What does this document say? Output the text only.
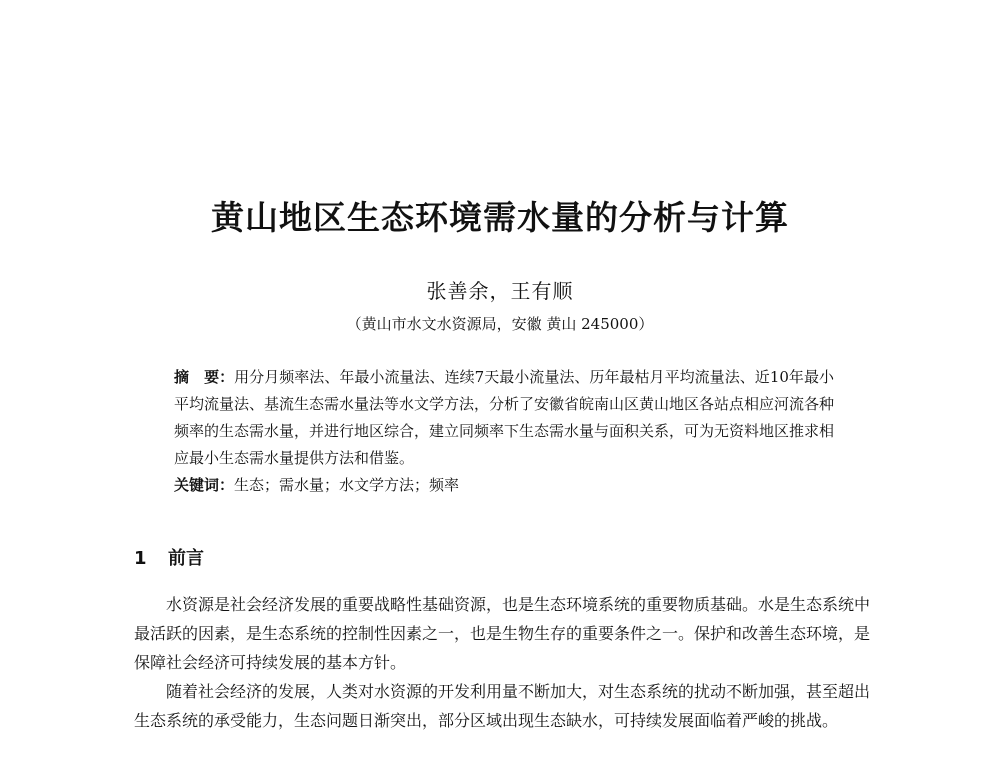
黄山地区生态环境需水量的分析与计算
张善余，王有顺
（黄山市水文水资源局，安徽 黄山 245000）
摘　要：用分月频率法、年最小流量法、连续7天最小流量法、历年最枯月平均流量法、近10年最小平均流量法、基流生态需水量法等水文学方法，分析了安徽省皖南山区黄山地区各站点相应河流各种频率的生态需水量，并进行地区综合，建立同频率下生态需水量与面积关系，可为无资料地区推求相应最小生态需水量提供方法和借鉴。
关键词：生态；需水量；水文学方法；频率
1 前言

水资源是社会经济发展的重要战略性基础资源，也是生态环境系统的重要物质基础。水是生态系统中最活跃的因素，是生态系统的控制性因素之一，也是生物生存的重要条件之一。保护和改善生态环境，是保障社会经济可持续发展的基本方针。

随着社会经济的发展，人类对水资源的开发利用量不断加大，对生态系统的扰动不断加强，甚至超出生态系统的承受能力，生态问题日渐突出，部分区域出现生态缺水，可持续发展面临着严峻的挑战。
